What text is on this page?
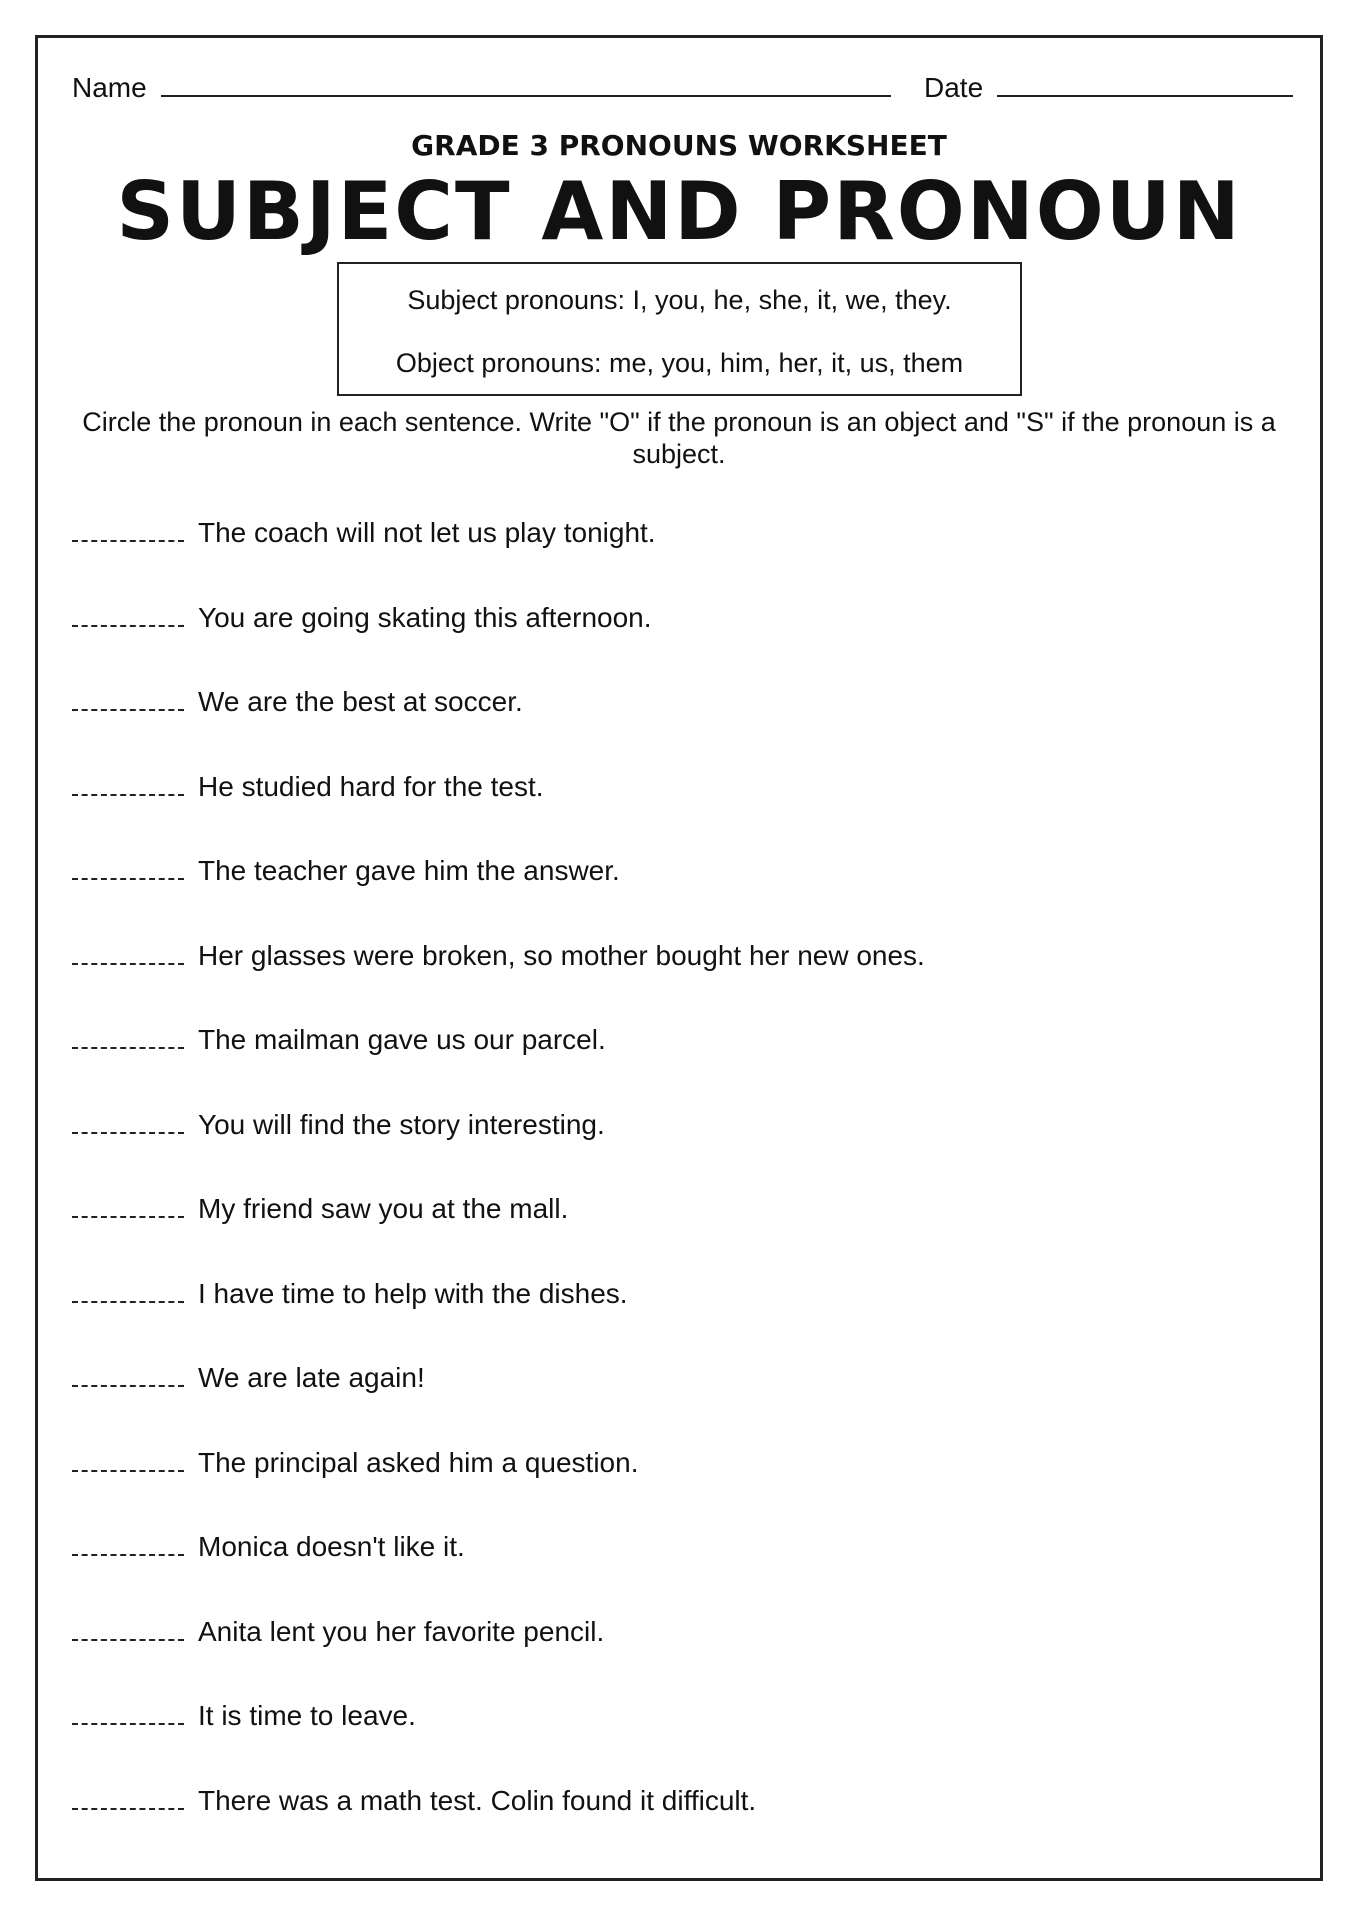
Name	Date
GRADE 3 PRONOUNS WORKSHEET
SUBJECT AND PRONOUN
Subject pronouns: I, you, he, she, it, we, they.
Object pronouns: me, you, him, her, it, us, them
Circle the pronoun in each sentence. Write "O" if the pronoun is an object and "S" if the pronoun is a subject.
The coach will not let us play tonight.
You are going skating this afternoon.
We are the best at soccer.
He studied hard for the test.
The teacher gave him the answer.
Her glasses were broken, so mother bought her new ones.
The mailman gave us our parcel.
You will find the story interesting.
My friend saw you at the mall.
I have time to help with the dishes.
We are late again!
The principal asked him a question.
Monica doesn't like it.
Anita lent you her favorite pencil.
It is time to leave.
There was a math test. Colin found it difficult.
